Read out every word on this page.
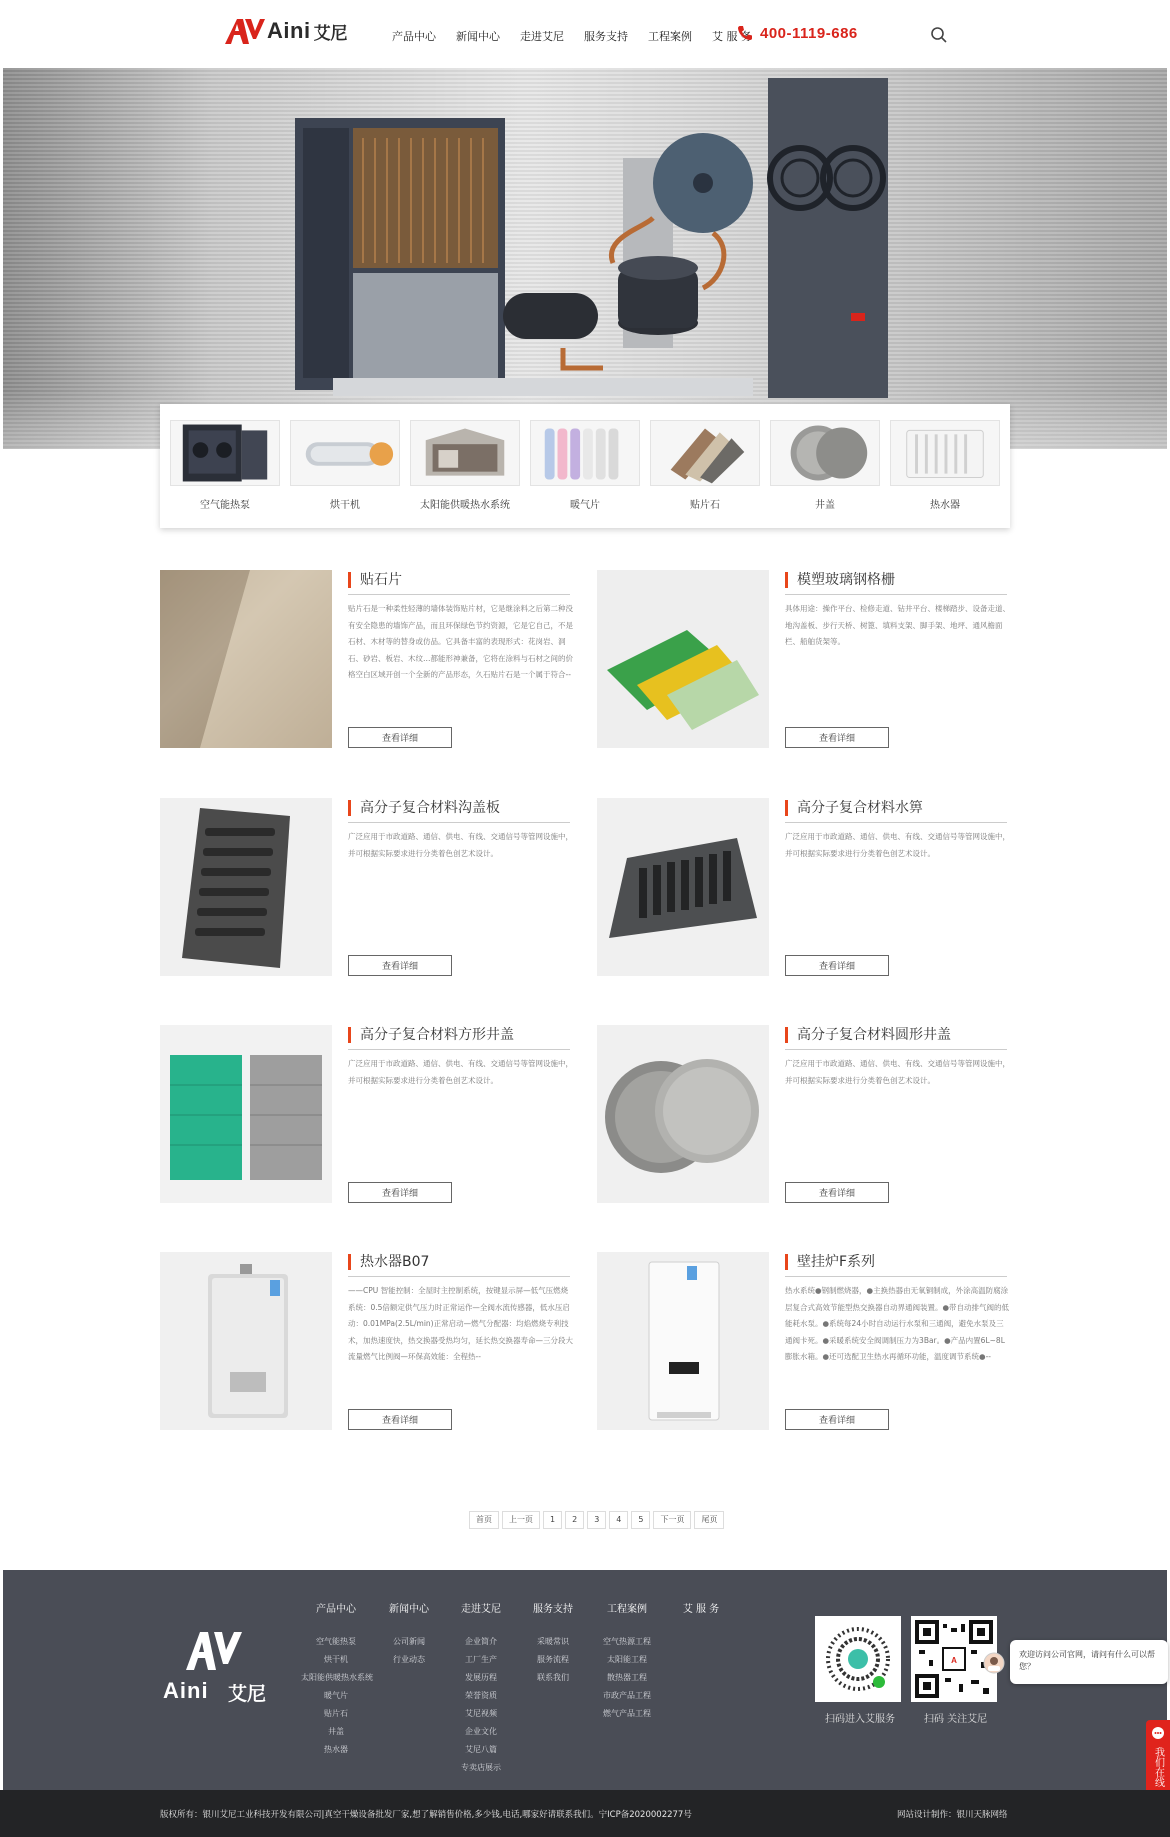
Aini 艾尼	产品中心 新闻中心 走进艾尼 服务支持 工程案例 艾 服 务 400-1119-686
空气能热泵	烘干机	太阳能供暖热水系统	暖气片	贴片石	井盖	热水器
贴石片
贴片石是一种柔性轻薄的墙体装饰贴片材，它是继涂料之后第二种没有安全隐患的墙饰产品，而且环保绿色节约资源，它是它自己，不是石材、木材等的替身或仿品。它具备丰富的表现形式：花岗岩、洞石、砂岩、板岩、木纹…都能形神兼备，它将在涂料与石材之间的价格空白区域开创一个全新的产品形态，久石贴片石是一个属于符合--
查看详细
模塑玻璃钢格栅
具体用途：操作平台、检修走道、钻井平台、楼梯踏步、设备走道、地沟盖板、步行天桥、树篦、填料支架、脚手架、地坪、通风檐面栏、船舶货架等。
查看详细
高分子复合材料沟盖板
广泛应用于市政道路、通信、供电、有线、交通信号等管网设施中，并可根据实际要求进行分类着色创艺术设计。
查看详细
高分子复合材料水箅
广泛应用于市政道路、通信、供电、有线、交通信号等管网设施中，并可根据实际要求进行分类着色创艺术设计。
查看详细
高分子复合材料方形井盖
广泛应用于市政道路、通信、供电、有线、交通信号等管网设施中，并可根据实际要求进行分类着色创艺术设计。
查看详细
高分子复合材料圆形井盖
广泛应用于市政道路、通信、供电、有线、交通信号等管网设施中，并可根据实际要求进行分类着色创艺术设计。
查看详细
热水器B07
——CPU 智能控制：全屋时主控制系统，按键显示屏—低气压燃烧系统：0.5倍额定供气压力时正常运作—全阀水流传感器，低水压启动：0.01MPa(2.5L/min)正常启动—燃气分配器：均焰燃烧专利技术，加热速度快，热交换器受热均匀，延长热交换器寿命—三分段大流量燃气比例阀—环保高效能：全程热--
查看详细
壁挂炉F系列
热水系统●钢制燃烧器，●主换热器由无氧铜制成，外涂高温防腐涂层复合式高效节能型热交换器自动界通阀装置。●带自动排气阀的低能耗水泵。●系统每24小时自动运行水泵和三通阀，避免水泵及三通阀卡死。●采暖系统安全阀调制压力为3Bar。●产品内置6L~8L膨胀水箱。●还可选配卫生热水再循环功能，温度调节系统●--
查看详细
首页	上一页	1	2	3	4	5	下一页	尾页
Aini 艾尼
产品中心
空气能热泵
烘干机
太阳能供暖热水系统
暖气片
贴片石
井盖
热水器
新闻中心
公司新闻
行业动态
走进艾尼
企业简介
工厂生产
发展历程
荣誉资质
艾尼视频
企业文化
艾尼八篇
专卖店展示
服务支持
采暖常识
服务流程
联系我们
工程案例
空气热源工程
太阳能工程
散热器工程
市政产品工程
燃气产品工程
艾 服 务
A
扫码进入艾服务	扫码 关注艾尼
欢迎访问公司官网，请问有什么可以帮您？
我们在线
版权所有：银川艾尼工业科技开发有限公司|真空干燥设备批发厂家,想了解销售价格,多少钱,电话,哪家好请联系我们。宁ICP备2020002277号	网站设计制作：银川天脉网络
